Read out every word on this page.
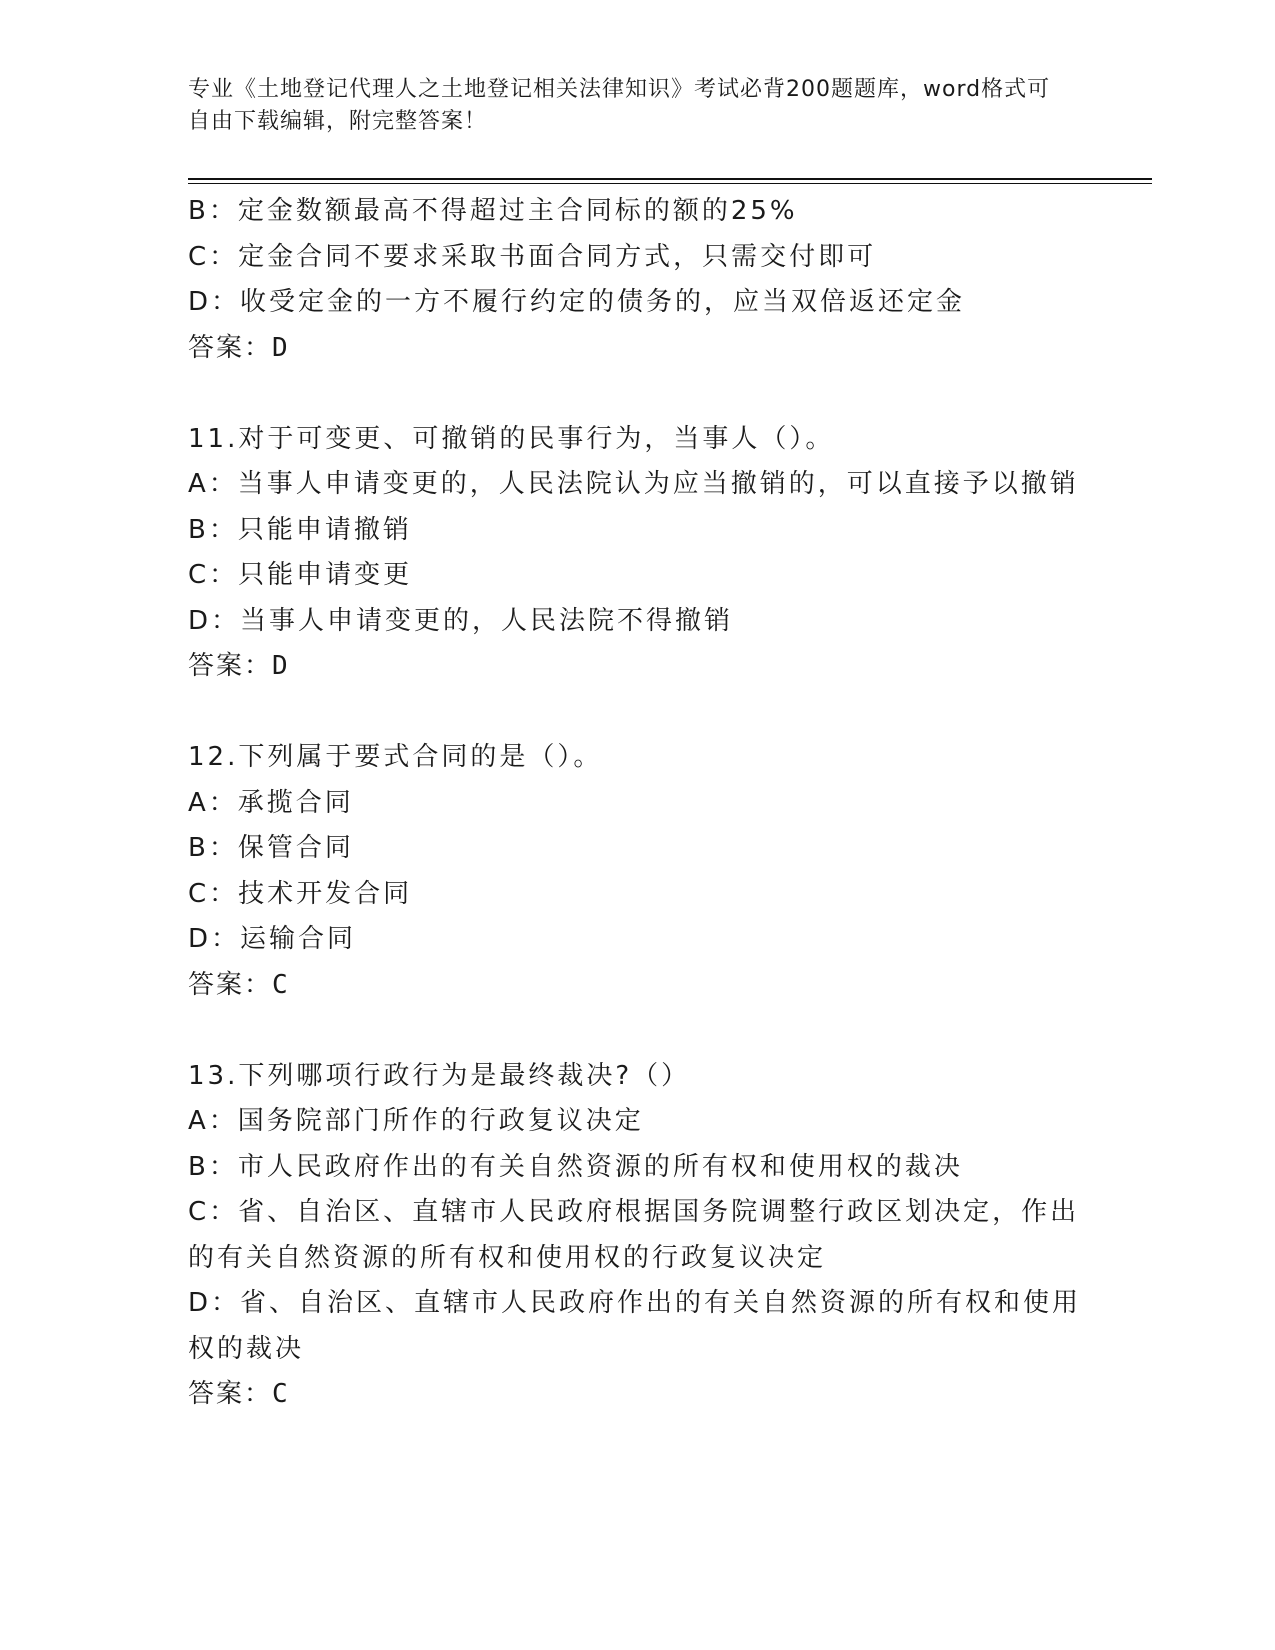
专业《土地登记代理人之土地登记相关法律知识》考试必背200题题库，word格式可自由下载编辑，附完整答案！
B：定金数额最高不得超过主合同标的额的25%
C：定金合同不要求采取书面合同方式，只需交付即可
D：收受定金的一方不履行约定的债务的，应当双倍返还定金
答案：D
11.对于可变更、可撤销的民事行为，当事人（）。
A：当事人申请变更的，人民法院认为应当撤销的，可以直接予以撤销
B：只能申请撤销
C：只能申请变更
D：当事人申请变更的，人民法院不得撤销
答案：D
12.下列属于要式合同的是（）。
A：承揽合同
B：保管合同
C：技术开发合同
D：运输合同
答案：C
13.下列哪项行政行为是最终裁决?（）
A：国务院部门所作的行政复议决定
B：市人民政府作出的有关自然资源的所有权和使用权的裁决
C：省、自治区、直辖市人民政府根据国务院调整行政区划决定，作出的有关自然资源的所有权和使用权的行政复议决定
D：省、自治区、直辖市人民政府作出的有关自然资源的所有权和使用权的裁决
答案：C
